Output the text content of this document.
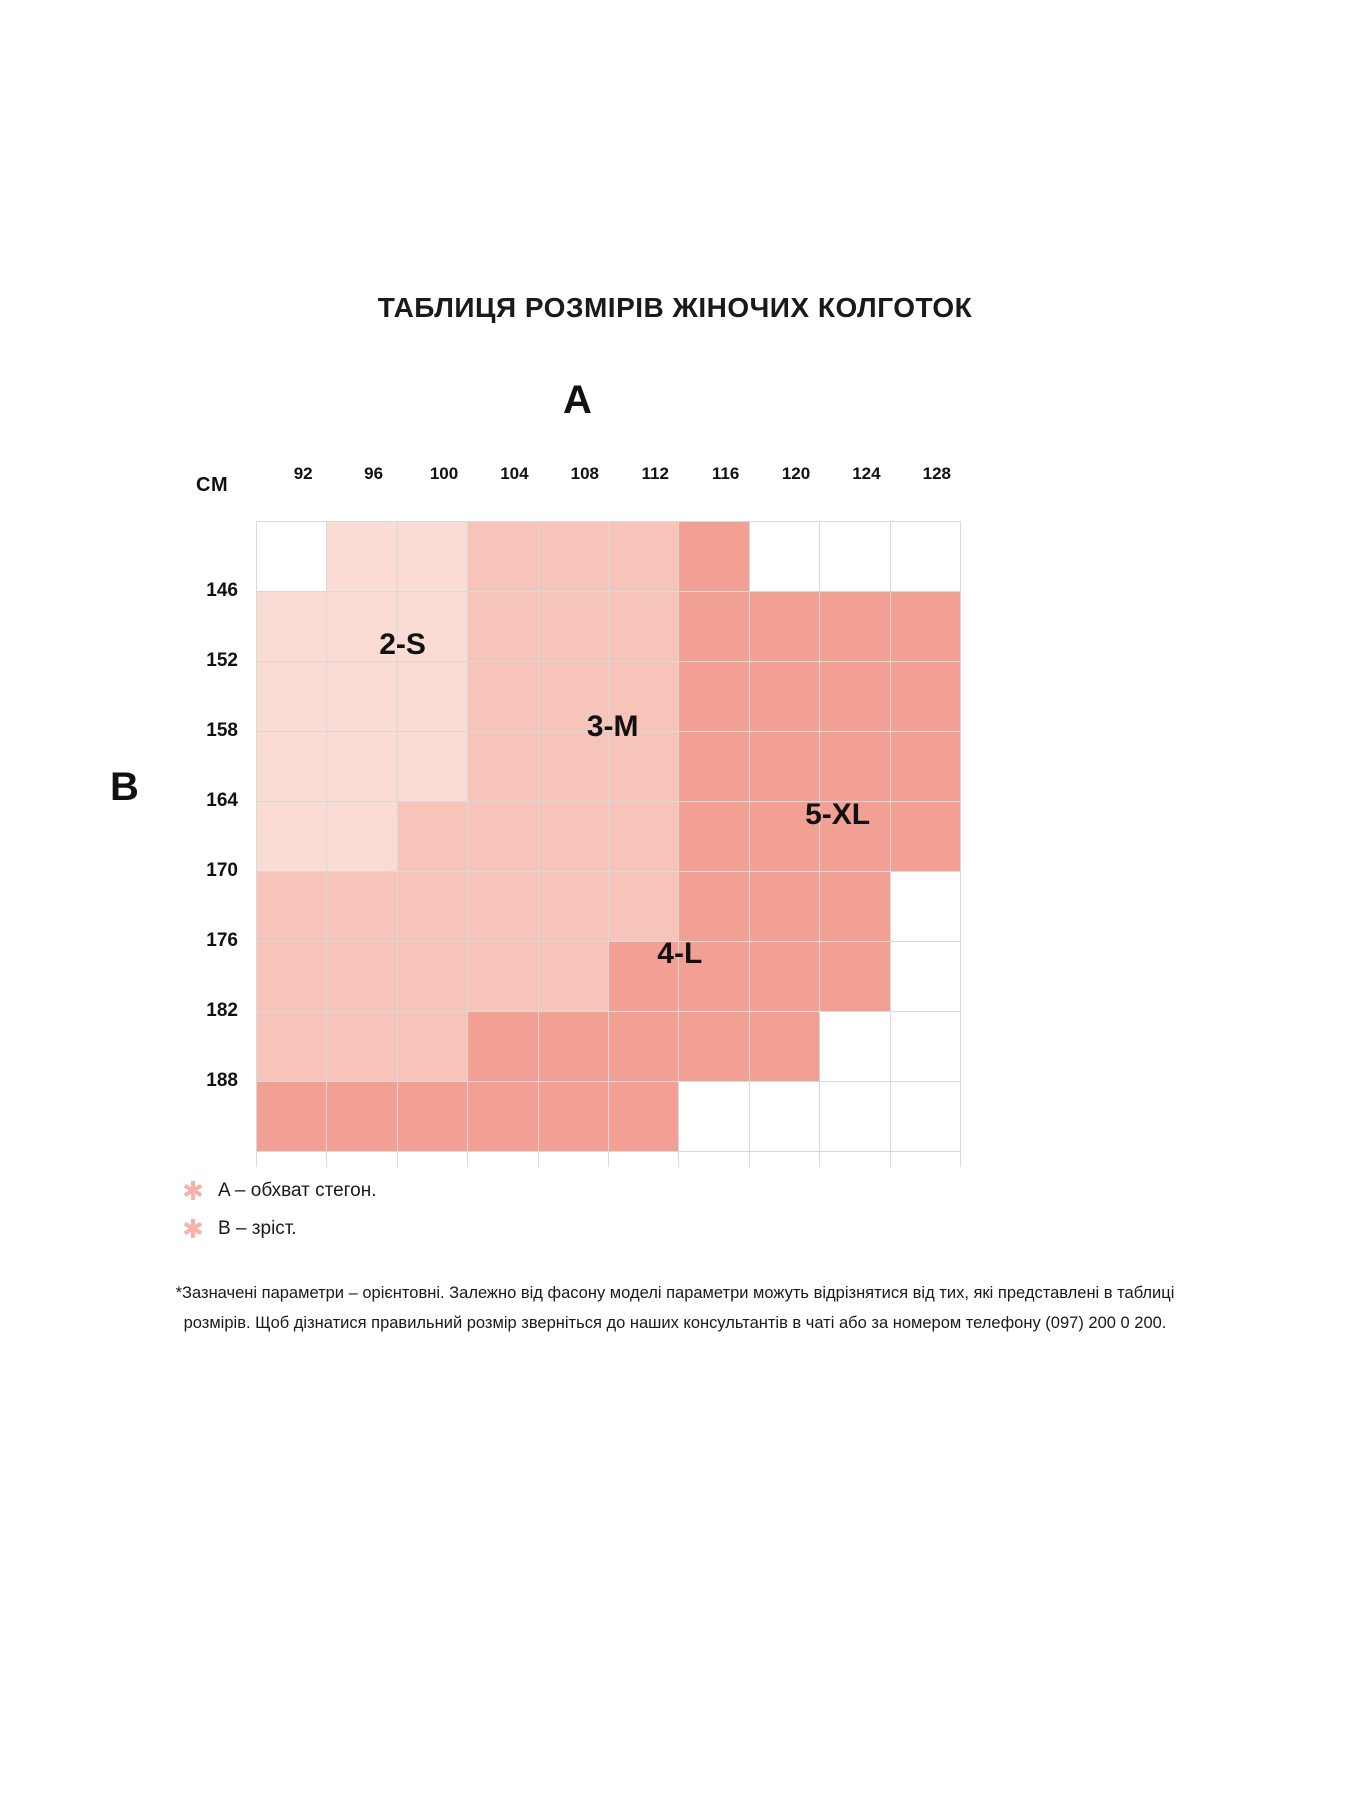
ТАБЛИЦЯ РОЗМІРІВ ЖІНОЧИХ КОЛГОТОК
A
B
CM
2-S
3-M
5-XL
4-L
92	96	100	104	108	112	116	120	124	128
146
152
158
164
170
176
182
188
✱ A – обхват стегон.
✱ B – зріст.
*Зазначені параметри – орієнтовні. Залежно від фасону моделі параметри можуть відрізнятися від тих, які представлені в таблиці розмірів. Щоб дізнатися правильний розмір зверніться до наших консультантів в чаті або за номером телефону (097) 200 0 200.
